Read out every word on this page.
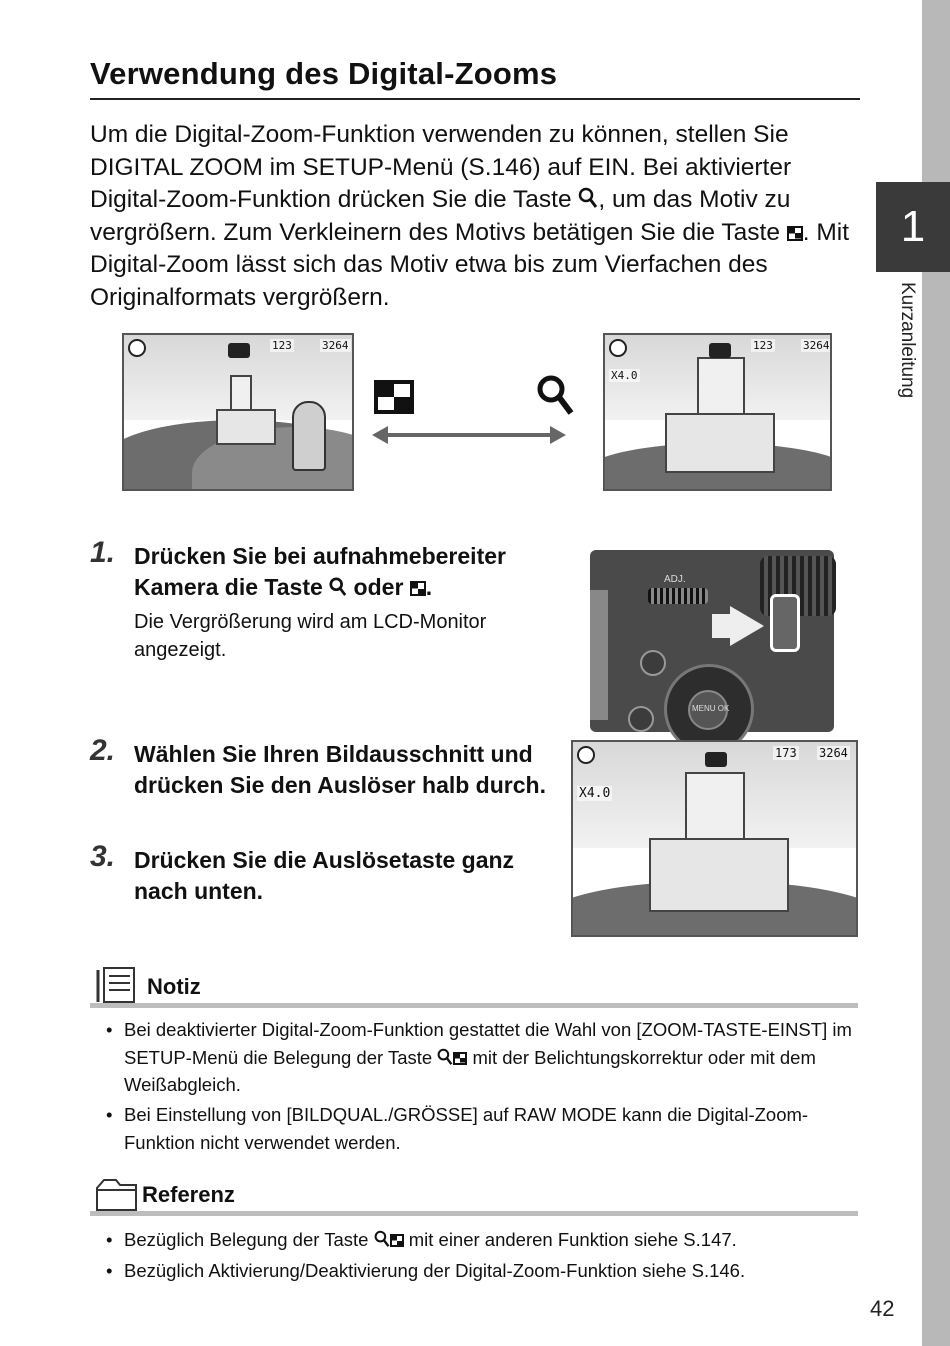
1
Kurzanleitung
Verwendung des Digital-Zooms

Um die Digital-Zoom-Funktion verwenden zu können, stellen Sie DIGITAL ZOOM im SETUP-Menü (S.146) auf EIN. Bei aktivierter Digital-Zoom-Funktion drücken Sie die Taste , um das Motiv zu vergrößern. Zum Verkleinern des Motivs betätigen Sie die Taste . Mit Digital-Zoom lässt sich das Motiv etwa bis zum Vierfachen des Originalformats vergrößern.

123	3264
X4.0
123	3264
1. Drücken Sie bei aufnahmebereiter Kamera die Taste  oder .
Die Vergrößerung wird am LCD-Monitor angezeigt.
ADJ.
MENU OK
2. Wählen Sie Ihren Bildausschnitt und drücken Sie den Auslöser halb durch.
3. Drücken Sie die Auslösetaste ganz nach unten.
X4.0
173 3264
Notiz
• Bei deaktivierter Digital-Zoom-Funktion gestattet die Wahl von [ZOOM-TASTE-EINST] im SETUP-Menü die Belegung der Taste  mit der Belichtungskorrektur oder mit dem Weißabgleich.
• Bei Einstellung von [BILDQUAL./GRÖSSE] auf RAW MODE kann die Digital-Zoom-Funktion nicht verwendet werden.
Referenz
• Bezüglich Belegung der Taste  mit einer anderen Funktion siehe S.147.
• Bezüglich Aktivierung/Deaktivierung der Digital-Zoom-Funktion siehe S.146.
42
